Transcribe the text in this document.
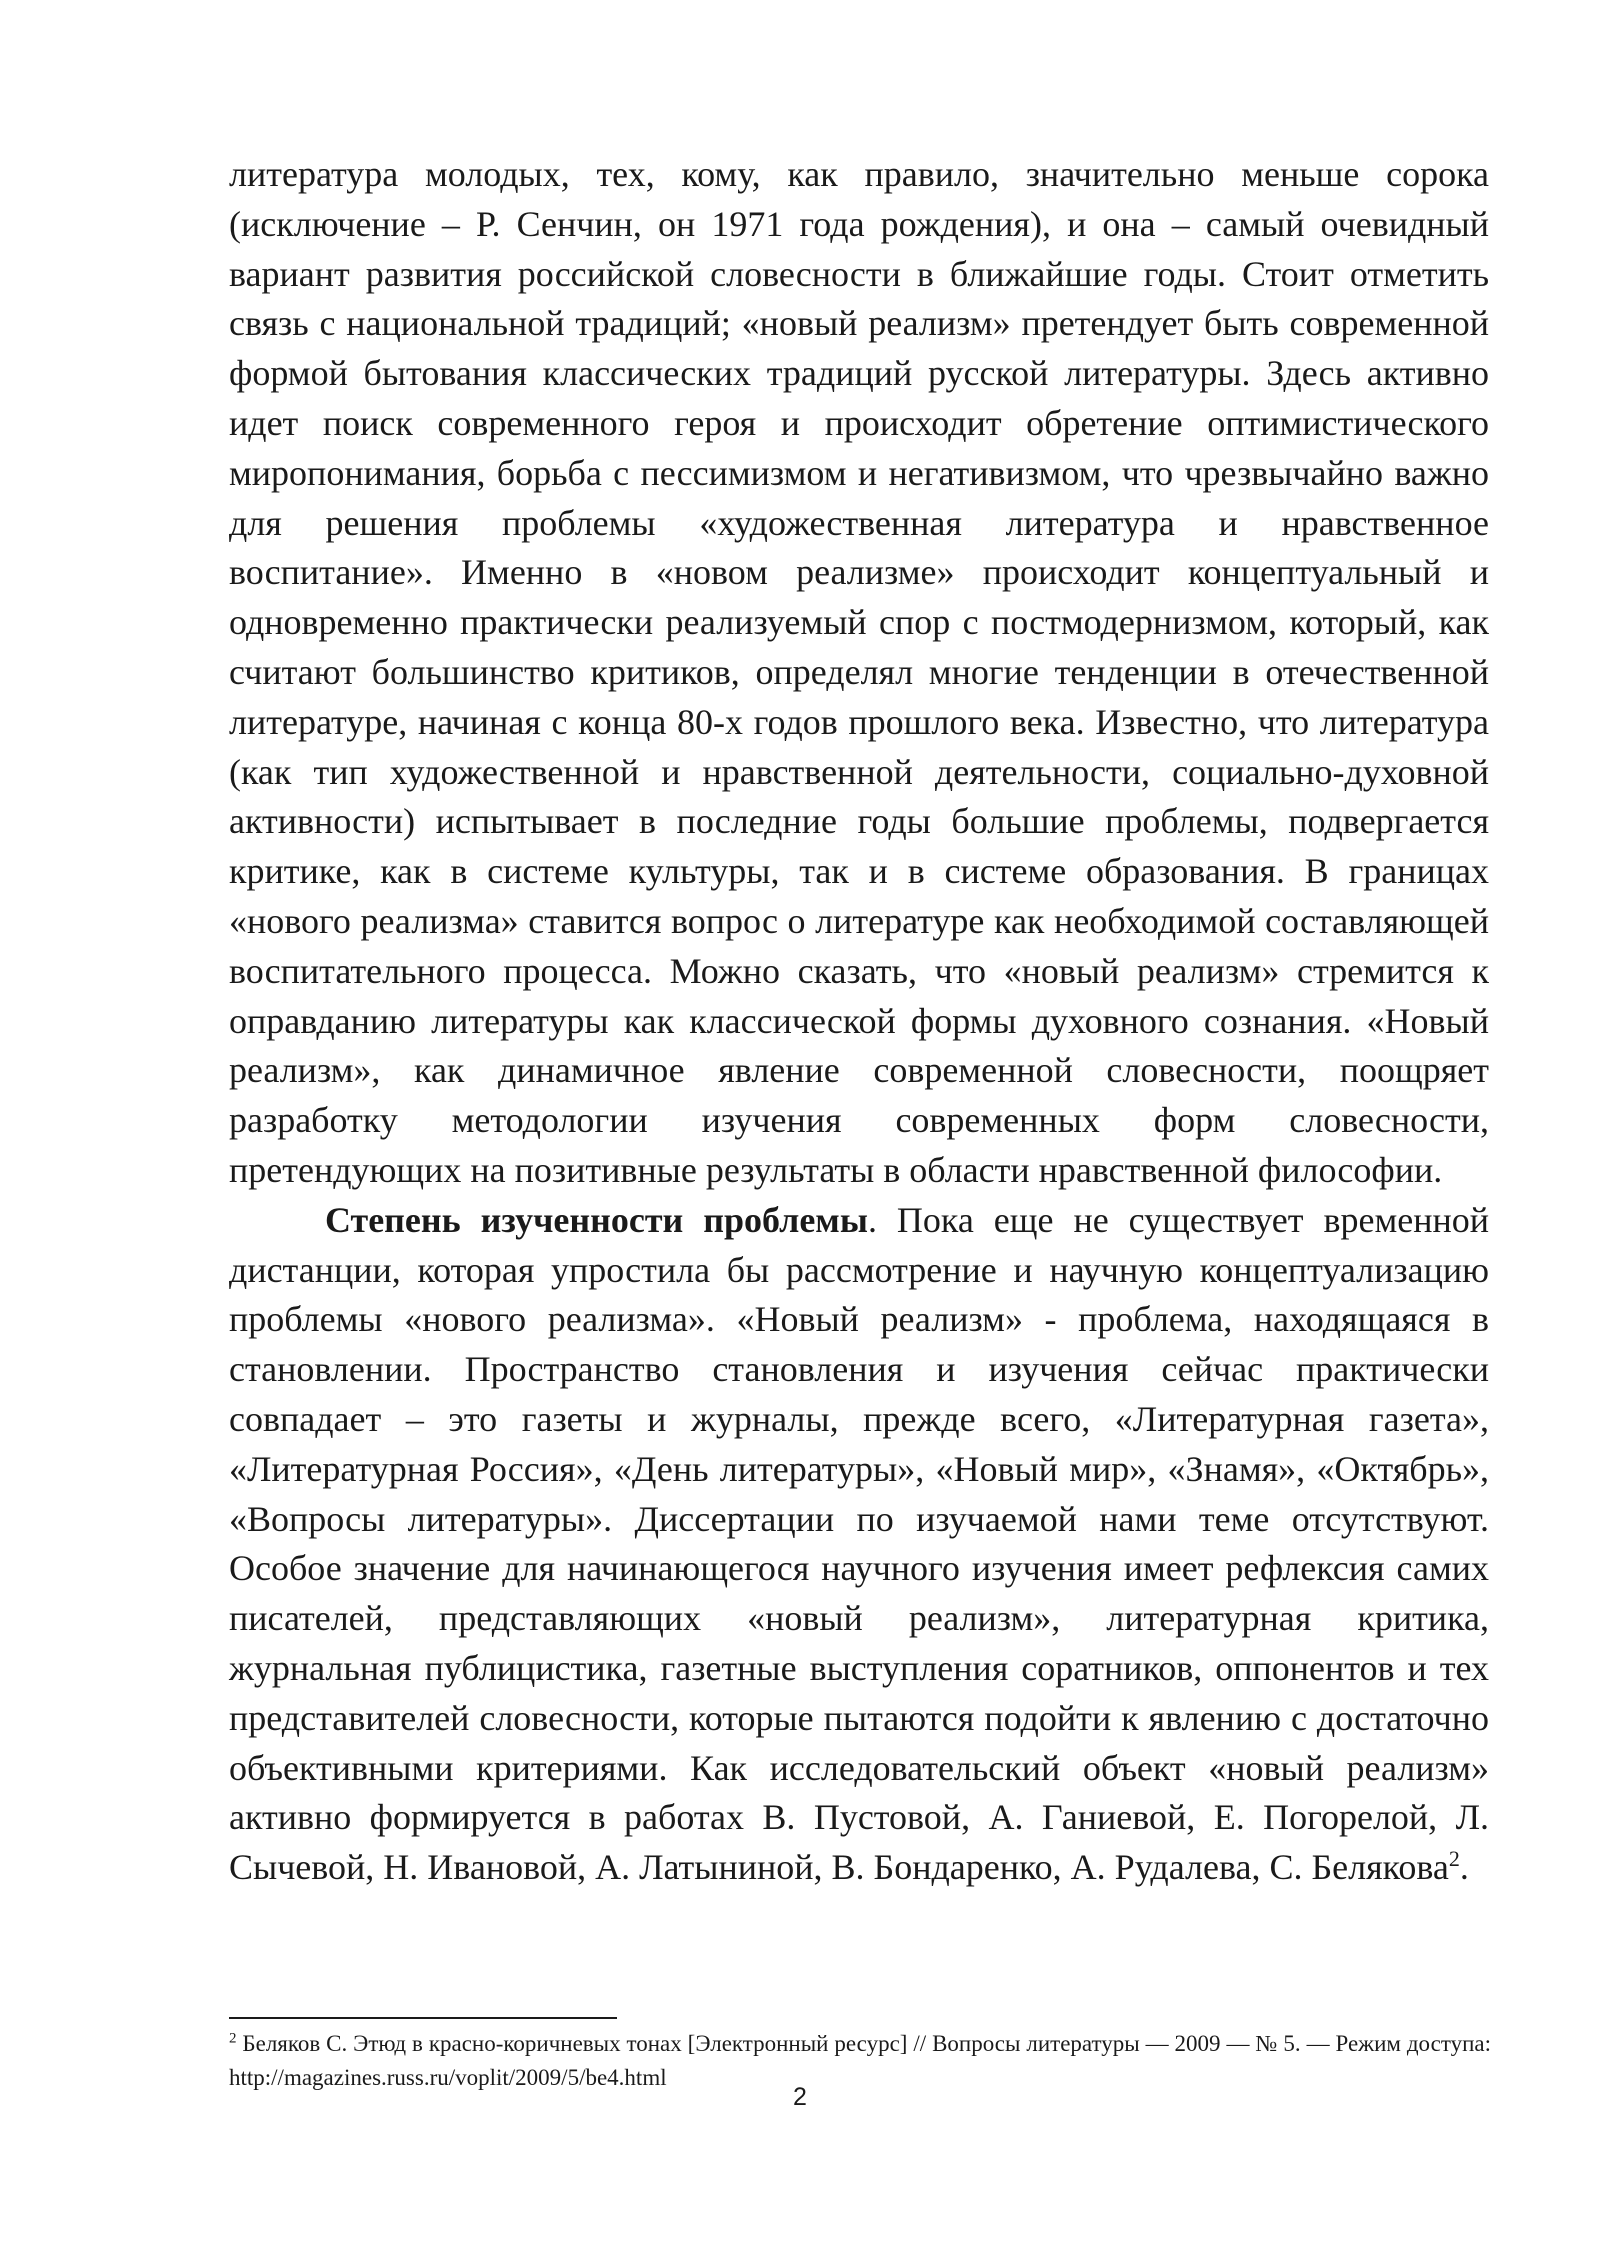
литература молодых, тех, кому, как правило, значительно меньше сорока (исключение – Р. Сенчин, он 1971 года рождения), и она – самый очевидный вариант развития российской словесности в ближайшие годы. Стоит отметить связь с национальной традиций; «новый реализм» претендует быть современной формой бытования классических традиций русской литературы. Здесь активно идет поиск современного героя и происходит обретение оптимистического миропонимания, борьба с пессимизмом и негативизмом, что чрезвычайно важно для решения проблемы «художественная литература и нравственное воспитание». Именно в «новом реализме» происходит концептуальный и одновременно практически реализуемый спор с постмодернизмом, который, как считают большинство критиков, определял многие тенденции в отечественной литературе, начиная с конца 80-х годов прошлого века. Известно, что литература (как тип художественной и нравственной деятельности, социально-духовной активности) испытывает в последние годы большие проблемы, подвергается критике, как в системе культуры, так и в системе образования. В границах «нового реализма» ставится вопрос о литературе как необходимой составляющей воспитательного процесса. Можно сказать, что «новый реализм» стремится к оправданию литературы как классической формы духовного сознания. «Новый реализм», как динамичное явление современной словесности, поощряет разработку методологии изучения современных форм словесности, претендующих на позитивные результаты в области нравственной философии.

Степень изученности проблемы. Пока еще не существует временной дистанции, которая упростила бы рассмотрение и научную концептуализацию проблемы «нового реализма». «Новый реализм» - проблема, находящаяся в становлении. Пространство становления и изучения сейчас практически совпадает – это газеты и журналы, прежде всего, «Литературная газета», «Литературная Россия», «День литературы», «Новый мир», «Знамя», «Октябрь», «Вопросы литературы». Диссертации по изучаемой нами теме отсутствуют. Особое значение для начинающегося научного изучения имеет рефлексия самих писателей, представляющих «новый реализм», литературная критика, журнальная публицистика, газетные выступления соратников, оппонентов и тех представителей словесности, которые пытаются подойти к явлению с достаточно объективными критериями. Как исследовательский объект «новый реализм» активно формируется в работах В. Пустовой, А. Ганиевой, Е. Погорелой, Л. Сычевой, Н. Ивановой, А. Латыниной, В. Бондаренко, А. Рудалева, С. Белякова$^2$.

$^2$ Беляков С. Этюд в красно-коричневых тонах [Электронный ресурс] // Вопросы литературы — 2009 — № 5. — Режим доступа: http://magazines.russ.ru/voplit/2009/5/be4.html

2
